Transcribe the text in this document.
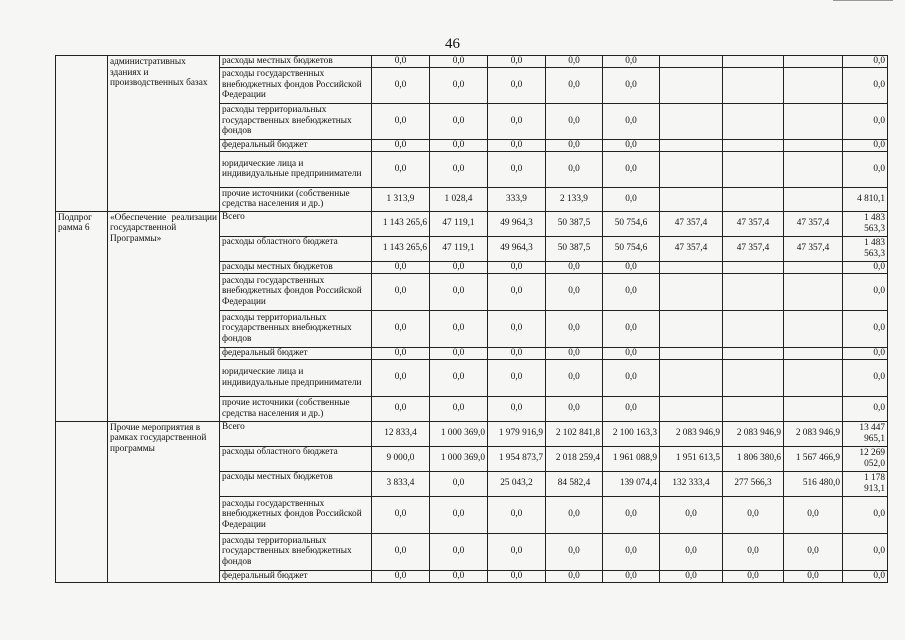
46
	административных зданиях и производственных базах	расходы местных бюджетов	0,0	0,0	0,0	0,0	0,0				0,0
		расходы государственных внебюджетных фондов Российской Федерации	0,0	0,0	0,0	0,0	0,0				0,0
		расходы территориальных государственных внебюджетных фондов	0,0	0,0	0,0	0,0	0,0				0,0
		федеральный бюджет	0,0	0,0	0,0	0,0	0,0				0,0
		юридические лица и индивидуальные предприниматели	0,0	0,0	0,0	0,0	0,0				0,0
		прочие источники (собственные средства населения и др.)	1 313,9	1 028,4	333,9	2 133,9	0,0				4 810,1
Подпрог рамма 6	«Обеспечение реализации государственной Программы»	Всего	1 143 265,6	47 119,1	49 964,3	50 387,5	50 754,6	47 357,4	47 357,4	47 357,4	1 483 563,3
		расходы областного бюджета	1 143 265,6	47 119,1	49 964,3	50 387,5	50 754,6	47 357,4	47 357,4	47 357,4	1 483 563,3
		расходы местных бюджетов	0,0	0,0	0,0	0,0	0,0				0,0
		расходы государственных внебюджетных фондов Российской Федерации	0,0	0,0	0,0	0,0	0,0				0,0
		расходы территориальных государственных внебюджетных фондов	0,0	0,0	0,0	0,0	0,0				0,0
		федеральный бюджет	0,0	0,0	0,0	0,0	0,0				0,0
		юридические лица и индивидуальные предприниматели	0,0	0,0	0,0	0,0	0,0				0,0
		прочие источники (собственные средства населения и др.)	0,0	0,0	0,0	0,0	0,0				0,0
	Прочие мероприятия в рамках государственной программы	Всего	12 833,4	1 000 369,0	1 979 916,9	2 102 841,8	2 100 163,3	2 083 946,9	2 083 946,9	2 083 946,9	13 447 965,1
		расходы областного бюджета	9 000,0	1 000 369,0	1 954 873,7	2 018 259,4	1 961 088,9	1 951 613,5	1 806 380,6	1 567 466,9	12 269 052,0
		расходы местных бюджетов	3 833,4	0,0	25 043,2	84 582,4	139 074,4	132 333,4	277 566,3	516 480,0	1 178 913,1
		расходы государственных внебюджетных фондов Российской Федерации	0,0	0,0	0,0	0,0	0,0	0,0	0,0	0,0	0,0
		расходы территориальных государственных внебюджетных фондов	0,0	0,0	0,0	0,0	0,0	0,0	0,0	0,0	0,0
		федеральный бюджет	0,0	0,0	0,0	0,0	0,0	0,0	0,0	0,0	0,0
